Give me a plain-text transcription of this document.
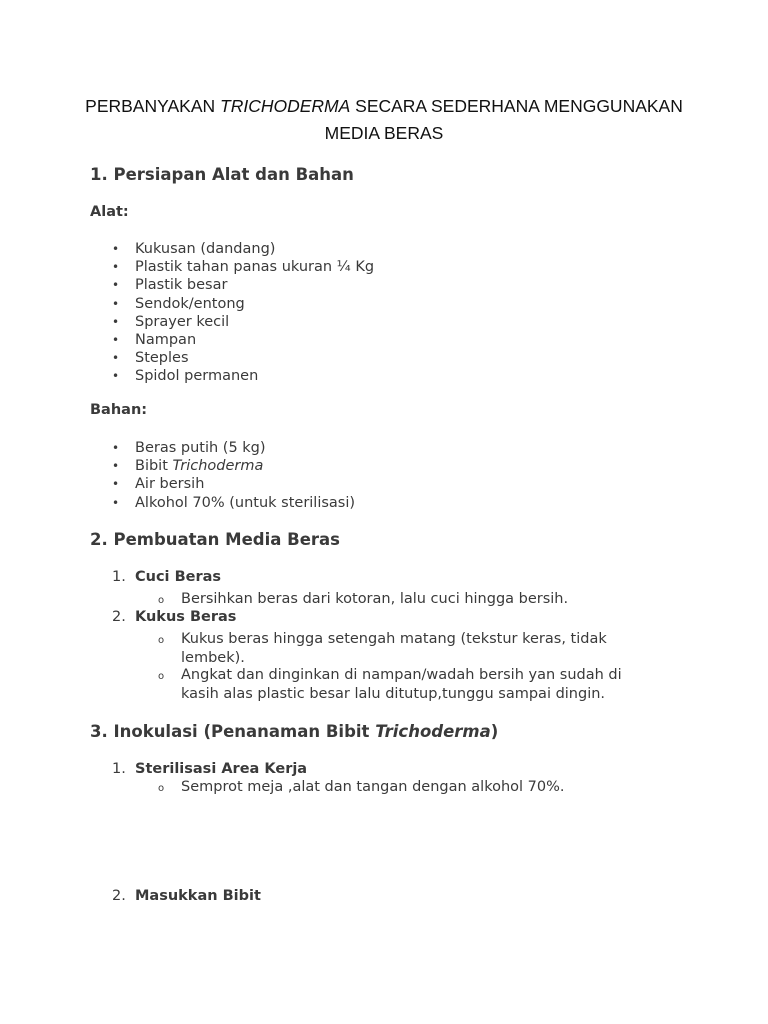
PERBANYAKAN TRICHODERMA SECARA SEDERHANA MENGGUNAKAN
MEDIA BERAS
1. Persiapan Alat dan Bahan
Alat:
• Kukusan (dandang)
• Plastik tahan panas ukuran ¼ Kg
• Plastik besar
• Sendok/entong
• Sprayer kecil
• Nampan
• Steples
• Spidol permanen
Bahan:
• Beras putih (5 kg)
• Bibit Trichoderma
• Air bersih
• Alkohol 70% (untuk sterilisasi)
2. Pembuatan Media Beras
1. Cuci Beras
o Bersihkan beras dari kotoran, lalu cuci hingga bersih.
2. Kukus Beras
o Kukus beras hingga setengah matang (tekstur keras, tidak lembek).
o Angkat dan dinginkan di nampan/wadah bersih yan sudah di kasih alas plastic besar lalu ditutup,tunggu sampai dingin.
3. Inokulasi (Penanaman Bibit Trichoderma)
1. Sterilisasi Area Kerja
o Semprot meja ,alat dan tangan dengan alkohol 70%.
2. Masukkan Bibit
